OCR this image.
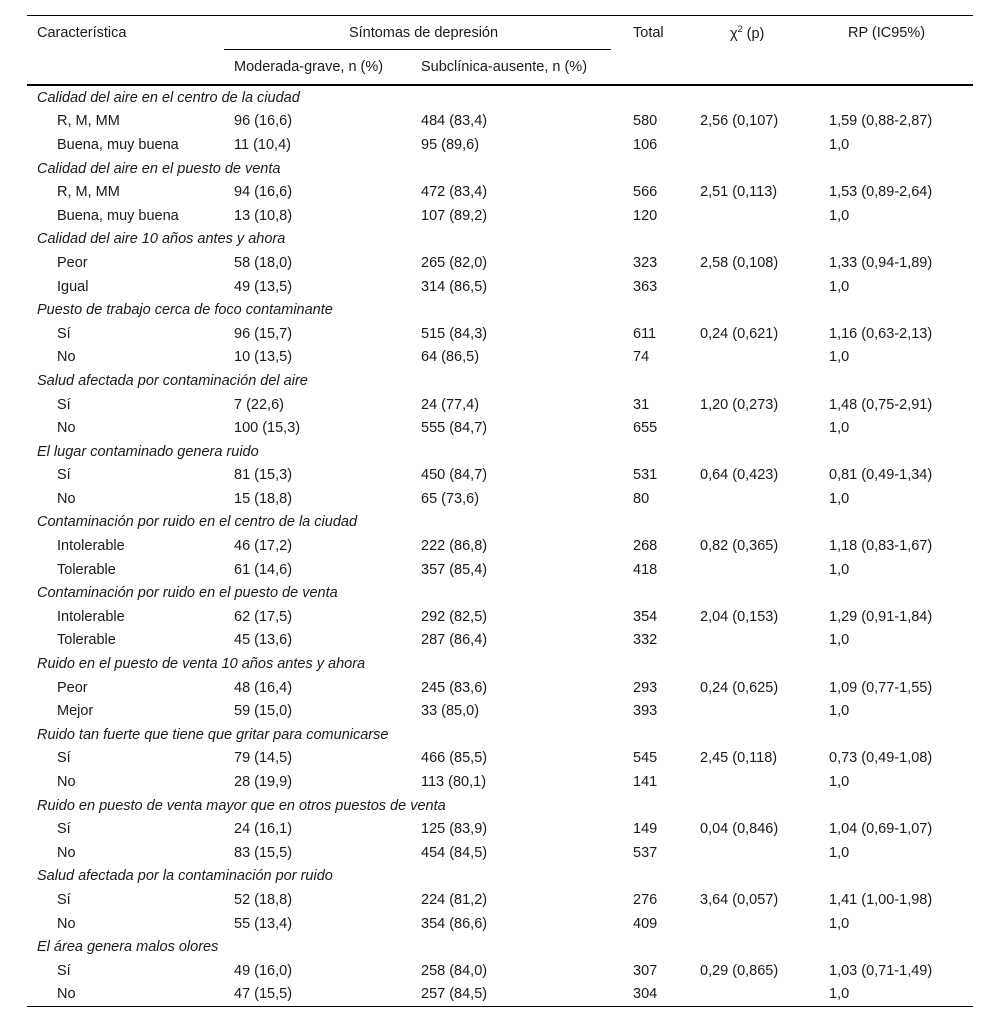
Característica	Síntomas de depresión		Total	$\chi^2$ (p)	RP (IC95%)
	Moderada-grave, n (%)	Subclínica-ausente, n (%)			
Calidad del aire en el centro de la ciudad					
R, M, MM	96 (16,6)	484 (83,4)	580	2,56 (0,107)	1,59 (0,88-2,87)
Buena, muy buena	11 (10,4)	95 (89,6)	106		1,0
Calidad del aire en el puesto de venta					
R, M, MM	94 (16,6)	472 (83,4)	566	2,51 (0,113)	1,53 (0,89-2,64)
Buena, muy buena	13 (10,8)	107 (89,2)	120		1,0
Calidad del aire 10 años antes y ahora					
Peor	58 (18,0)	265 (82,0)	323	2,58 (0,108)	1,33 (0,94-1,89)
Igual	49 (13,5)	314 (86,5)	363		1,0
Puesto de trabajo cerca de foco contaminante					
Sí	96 (15,7)	515 (84,3)	611	0,24 (0,621)	1,16 (0,63-2,13)
No	10 (13,5)	64 (86,5)	74		1,0
Salud afectada por contaminación del aire					
Sí	7 (22,6)	24 (77,4)	31	1,20 (0,273)	1,48 (0,75-2,91)
No	100 (15,3)	555 (84,7)	655		1,0
El lugar contaminado genera ruido					
Sí	81 (15,3)	450 (84,7)	531	0,64 (0,423)	0,81 (0,49-1,34)
No	15 (18,8)	65 (73,6)	80		1,0
Contaminación por ruido en el centro de la ciudad					
Intolerable	46 (17,2)	222 (86,8)	268	0,82 (0,365)	1,18 (0,83-1,67)
Tolerable	61 (14,6)	357 (85,4)	418		1,0
Contaminación por ruido en el puesto de venta					
Intolerable	62 (17,5)	292 (82,5)	354	2,04 (0,153)	1,29 (0,91-1,84)
Tolerable	45 (13,6)	287 (86,4)	332		1,0
Ruido en el puesto de venta 10 años antes y ahora					
Peor	48 (16,4)	245 (83,6)	293	0,24 (0,625)	1,09 (0,77-1,55)
Mejor	59 (15,0)	33 (85,0)	393		1,0
Ruido tan fuerte que tiene que gritar para comunicarse					
Sí	79 (14,5)	466 (85,5)	545	2,45 (0,118)	0,73 (0,49-1,08)
No	28 (19,9)	113 (80,1)	141		1,0
Ruido en puesto de venta mayor que en otros puestos de venta					
Sí	24 (16,1)	125 (83,9)	149	0,04 (0,846)	1,04 (0,69-1,07)
No	83 (15,5)	454 (84,5)	537		1,0
Salud afectada por la contaminación por ruido					
Sí	52 (18,8)	224 (81,2)	276	3,64 (0,057)	1,41 (1,00-1,98)
No	55 (13,4)	354 (86,6)	409		1,0
El área genera malos olores					
Sí	49 (16,0)	258 (84,0)	307	0,29 (0,865)	1,03 (0,71-1,49)
No	47 (15,5)	257 (84,5)	304		1,0
